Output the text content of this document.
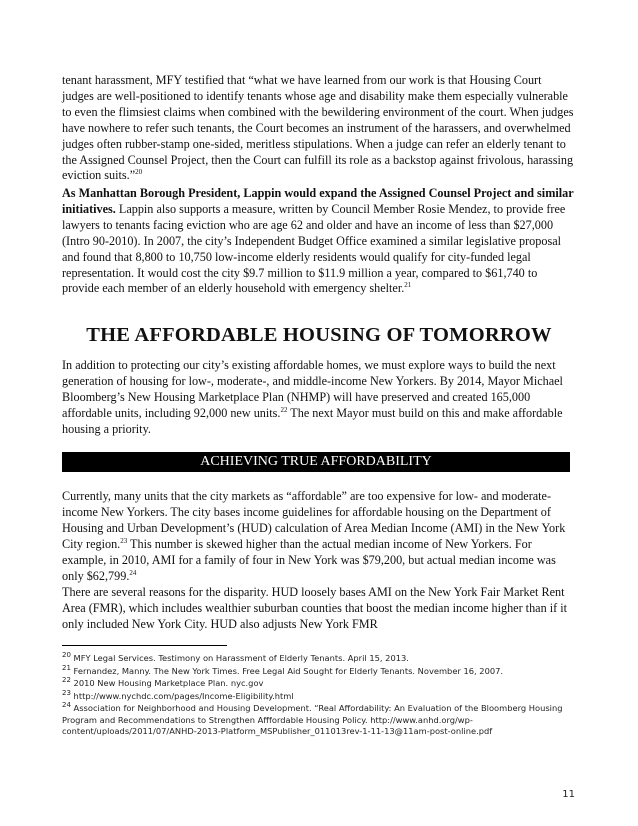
tenant harassment, MFY testified that “what we have learned from our work is that Housing Court judges are well-positioned to identify tenants whose age and disability make them especially vulnerable to even the flimsiest claims when combined with the bewildering environment of the court. When judges have nowhere to refer such tenants, the Court becomes an instrument of the harassers, and overwhelmed judges often rubber-stamp one-sided, meritless stipulations. When a judge can refer an elderly tenant to the Assigned Counsel Project, then the Court can fulfill its role as a backstop against frivolous, harassing eviction suits.”$^{20}$

As Manhattan Borough President, Lappin would expand the Assigned Counsel Project and similar initiatives. Lappin also supports a measure, written by Council Member Rosie Mendez, to provide free lawyers to tenants facing eviction who are age 62 and older and have an income of less than $27,000 (Intro 90-2010). In 2007, the city’s Independent Budget Office examined a similar legislative proposal and found that 8,800 to 10,750 low-income elderly residents would qualify for city-funded legal representation. It would cost the city $9.7 million to $11.9 million a year, compared to $61,740 to provide each member of an elderly household with emergency shelter.$^{21}$

THE AFFORDABLE HOUSING OF TOMORROW

In addition to protecting our city’s existing affordable homes, we must explore ways to build the next generation of housing for low-, moderate-, and middle-income New Yorkers. By 2014, Mayor Michael Bloomberg’s New Housing Marketplace Plan (NHMP) will have preserved and created 165,000 affordable units, including 92,000 new units.$^{22}$ The next Mayor must build on this and make affordable housing a priority.

ACHIEVING TRUE AFFORDABILITY

Currently, many units that the city markets as “affordable” are too expensive for low- and moderate-income New Yorkers. The city bases income guidelines for affordable housing on the Department of Housing and Urban Development’s (HUD) calculation of Area Median Income (AMI) in the New York City region.$^{23}$ This number is skewed higher than the actual median income of New Yorkers. For example, in 2010, AMI for a family of four in New York was $79,200, but actual median income was only $62,799.24

There are several reasons for the disparity. HUD loosely bases AMI on the New York Fair Market Rent Area (FMR), which includes wealthier suburban counties that boost the median income higher than if it only included New York City. HUD also adjusts New York FMR

$^{20}$ MFY Legal Services. Testimony on Harassment of Elderly Tenants. April 15, 2013.

$^{21}$ Fernandez, Manny. The New York Times. Free Legal Aid Sought for Elderly Tenants. November 16, 2007.

$^{22}$ 2010 New Housing Marketplace Plan. nyc.gov

$^{23}$ http://www.nychdc.com/pages/Income-Eligibility.html

$^{24}$ Association for Neighborhood and Housing Development. “Real Affordability: An Evaluation of the Bloomberg Housing Program and Recommendations to Strengthen Afffordable Housing Policy. http://www.anhd.org/wp-content/uploads/2011/07/ANHD-2013-Platform_MSPublisher_011013rev-1-11-13@11am-post-online.pdf

11
